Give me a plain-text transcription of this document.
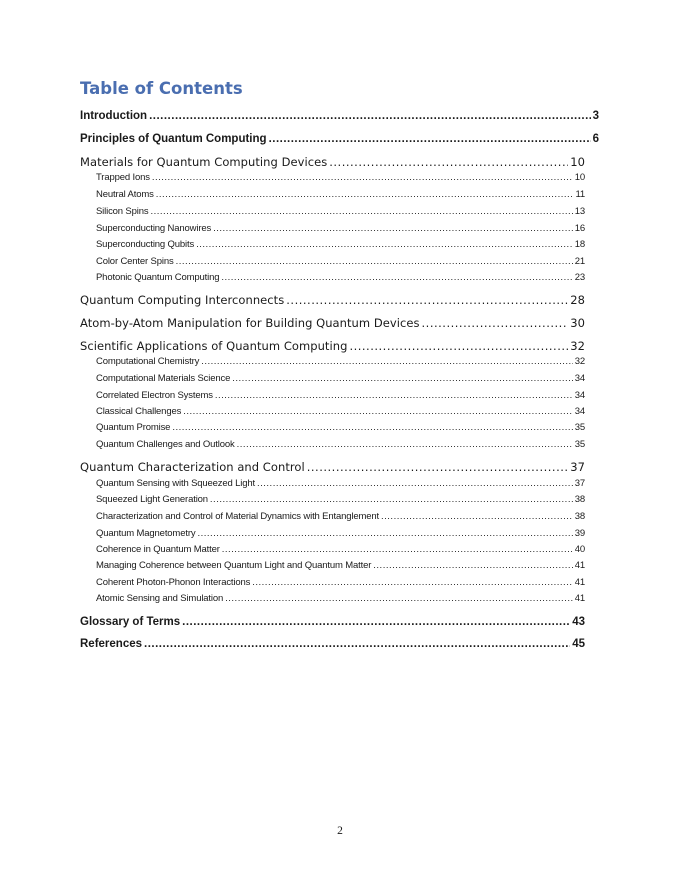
Table of Contents
Introduction .....	3
Principles of Quantum Computing .....	6
Materials for Quantum Computing Devices .....	10
Trapped Ions .....	10
Neutral Atoms .....	11
Silicon Spins .....	13
Superconducting Nanowires .....	16
Superconducting Qubits .....	18
Color Center Spins .....	21
Photonic Quantum Computing .....	23
Quantum Computing Interconnects .....	28
Atom-by-Atom Manipulation for Building Quantum Devices .....	30
Scientific Applications of Quantum Computing .....	32
Computational Chemistry .....	32
Computational Materials Science .....	34
Correlated Electron Systems .....	34
Classical Challenges .....	34
Quantum Promise .....	35
Quantum Challenges and Outlook .....	35
Quantum Characterization and Control .....	37
Quantum Sensing with Squeezed Light .....	37
Squeezed Light Generation .....	38
Characterization and Control of Material Dynamics with Entanglement .....	38
Quantum Magnetometry .....	39
Coherence in Quantum Matter .....	40
Managing Coherence between Quantum Light and Quantum Matter .....	41
Coherent Photon-Phonon Interactions .....	41
Atomic Sensing and Simulation .....	41
Glossary of Terms .....	43
References .....	45
2
